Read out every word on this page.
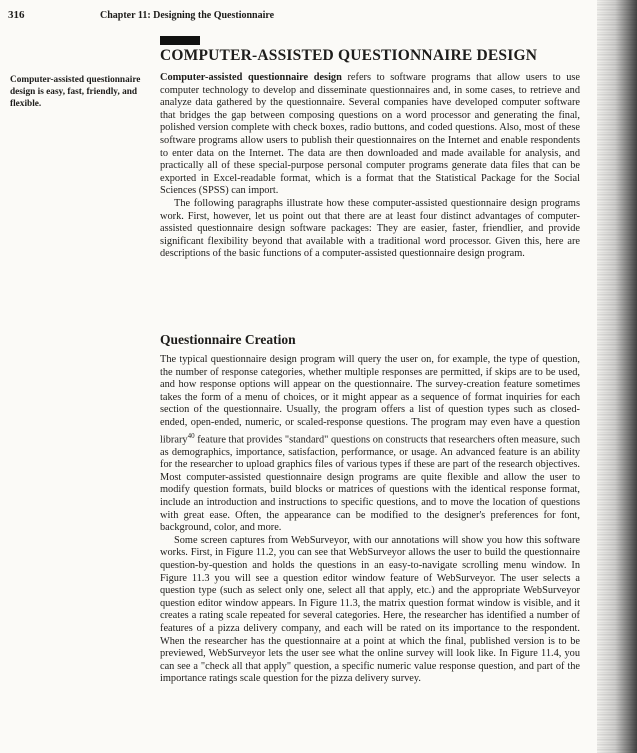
316	Chapter 11: Designing the Questionnaire
COMPUTER-ASSISTED QUESTIONNAIRE DESIGN
Computer-assisted questionnaire design is easy, fast, friendly, and flexible.

Computer-assisted questionnaire design refers to software programs that allow users to use computer technology to develop and disseminate questionnaires and, in some cases, to retrieve and analyze data gathered by the questionnaire. Several companies have developed computer software that bridges the gap between composing questions on a word processor and generating the final, polished version complete with check boxes, radio buttons, and coded questions. Also, most of these software programs allow users to publish their questionnaires on the Internet and enable respondents to enter data on the Internet. The data are then downloaded and made available for analysis, and practically all of these special-purpose personal computer programs generate data files that can be exported in Excel-readable format, which is a format that the Statistical Package for the Social Sciences (SPSS) can import.

The following paragraphs illustrate how these computer-assisted questionnaire design programs work. First, however, let us point out that there are at least four distinct advantages of computer-assisted questionnaire design software packages: They are easier, faster, friendlier, and provide significant flexibility beyond that available with a traditional word processor. Given this, here are descriptions of the basic functions of a computer-assisted questionnaire design program.

Questionnaire Creation

The typical questionnaire design program will query the user on, for example, the type of question, the number of response categories, whether multiple responses are permitted, if skips are to be used, and how response options will appear on the questionnaire. The survey-creation feature sometimes takes the form of a menu of choices, or it might appear as a sequence of format inquiries for each section of the questionnaire. Usually, the program offers a list of question types such as closed-ended, open-ended, numeric, or scaled-response questions. The program may even have a question library$^{40}$ feature that provides "standard" questions on constructs that researchers often measure, such as demographics, importance, satisfaction, performance, or usage. An advanced feature is an ability for the researcher to upload graphics files of various types if these are part of the research objectives. Most computer-assisted questionnaire design programs are quite flexible and allow the user to modify question formats, build blocks or matrices of questions with the identical response format, include an introduction and instructions to specific questions, and to move the location of questions with great ease. Often, the appearance can be modified to the designer's preferences for font, background, color, and more.

Some screen captures from WebSurveyor, with our annotations will show you how this software works. First, in Figure 11.2, you can see that WebSurveyor allows the user to build the questionnaire question-by-question and holds the questions in an easy-to-navigate scrolling menu window. In Figure 11.3 you will see a question editor window feature of WebSurveyor. The user selects a question type (such as select only one, select all that apply, etc.) and the appropriate WebSurveyor question editor window appears. In Figure 11.3, the matrix question format window is visible, and it creates a rating scale repeated for several categories. Here, the researcher has identified a number of features of a pizza delivery company, and each will be rated on its importance to the respondent. When the researcher has the questionnaire at a point at which the final, published version is to be previewed, WebSurveyor lets the user see what the online survey will look like. In Figure 11.4, you can see a "check all that apply" question, a specific numeric value response question, and part of the importance ratings scale question for the pizza delivery survey.
